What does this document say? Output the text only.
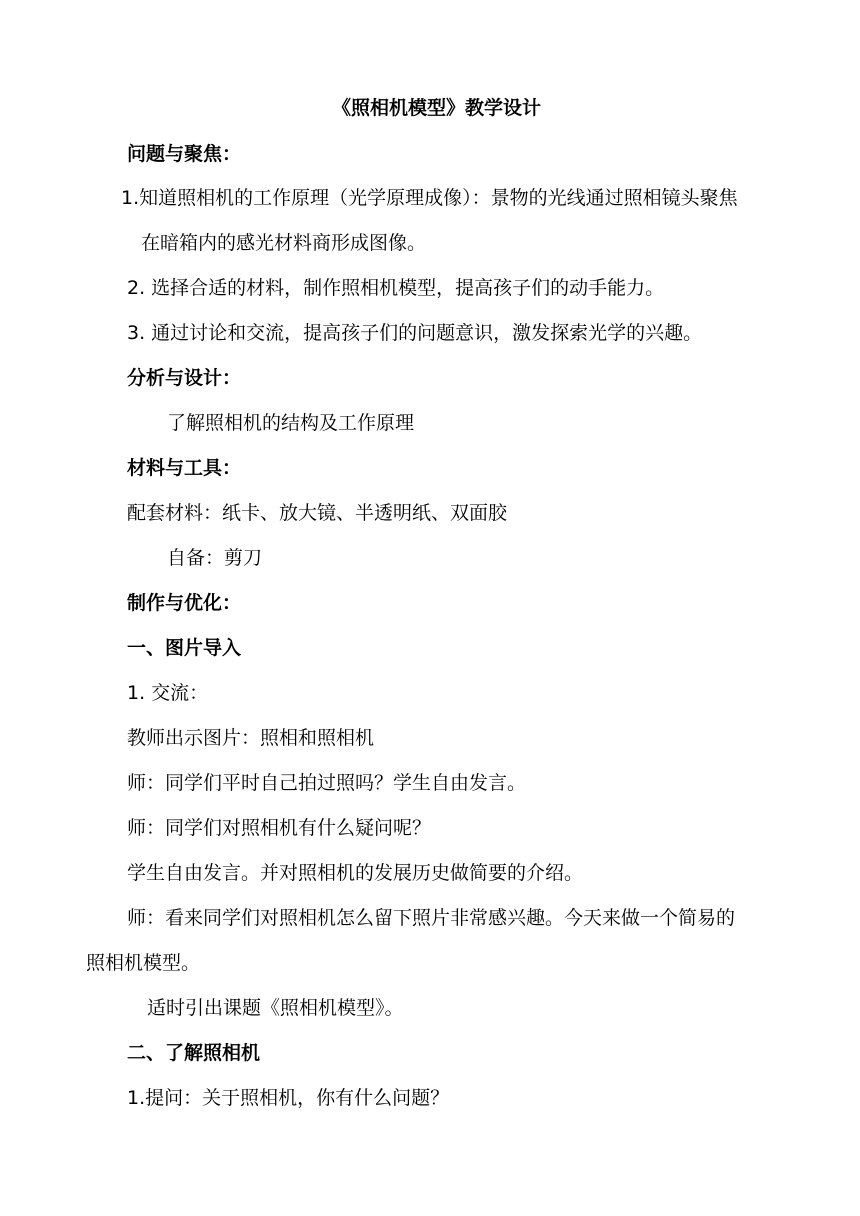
《照相机模型》教学设计
问题与聚焦：
1.知道照相机的工作原理（光学原理成像）：景物的光线通过照相镜头聚焦
在暗箱内的感光材料商形成图像。
2. 选择合适的材料，制作照相机模型，提高孩子们的动手能力。
3. 通过讨论和交流，提高孩子们的问题意识，激发探索光学的兴趣。
分析与设计：
了解照相机的结构及工作原理
材料与工具：
配套材料：纸卡、放大镜、半透明纸、双面胶
自备：剪刀
制作与优化：
一、图片导入
1. 交流：
教师出示图片：照相和照相机
师：同学们平时自己拍过照吗？学生自由发言。
师：同学们对照相机有什么疑问呢？
学生自由发言。并对照相机的发展历史做简要的介绍。
师：看来同学们对照相机怎么留下照片非常感兴趣。今天来做一个简易的
照相机模型。
适时引出课题《照相机模型》。
二、了解照相机
1.提问：关于照相机，你有什么问题？
